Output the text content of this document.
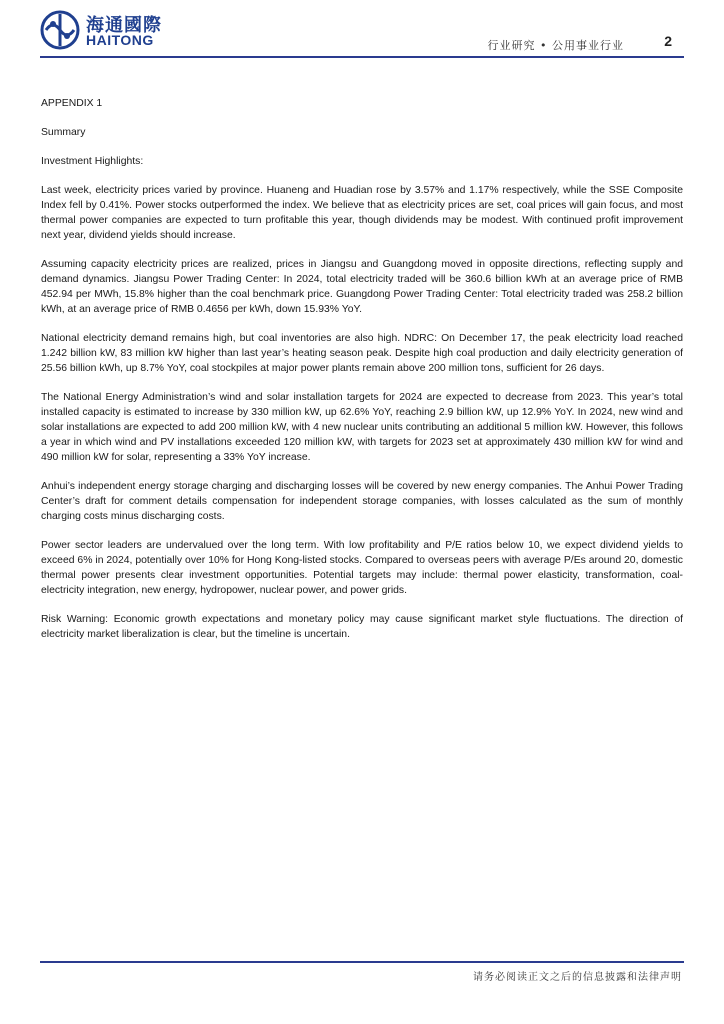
海通國際
HAITONG	行业研究 • 公用事业行业	2

APPENDIX 1

Summary

Investment Highlights:

Last week, electricity prices varied by province. Huaneng and Huadian rose by 3.57% and 1.17% respectively, while the SSE Composite Index fell by 0.41%. Power stocks outperformed the index. We believe that as electricity prices are set, coal prices will gain focus, and most thermal power companies are expected to turn profitable this year, though dividends may be modest. With continued profit improvement next year, dividend yields should increase.

Assuming capacity electricity prices are realized, prices in Jiangsu and Guangdong moved in opposite directions, reflecting supply and demand dynamics. Jiangsu Power Trading Center: In 2024, total electricity traded will be 360.6 billion kWh at an average price of RMB 452.94 per MWh, 15.8% higher than the coal benchmark price. Guangdong Power Trading Center: Total electricity traded was 258.2 billion kWh, at an average price of RMB 0.4656 per kWh, down 15.93% YoY.

National electricity demand remains high, but coal inventories are also high. NDRC: On December 17, the peak electricity load reached 1.242 billion kW, 83 million kW higher than last year’s heating season peak. Despite high coal production and daily electricity generation of 25.56 billion kWh, up 8.7% YoY, coal stockpiles at major power plants remain above 200 million tons, sufficient for 26 days.

The National Energy Administration’s wind and solar installation targets for 2024 are expected to decrease from 2023. This year’s total installed capacity is estimated to increase by 330 million kW, up 62.6% YoY, reaching 2.9 billion kW, up 12.9% YoY. In 2024, new wind and solar installations are expected to add 200 million kW, with 4 new nuclear units contributing an additional 5 million kW. However, this follows a year in which wind and PV installations exceeded 120 million kW, with targets for 2023 set at approximately 430 million kW for wind and 490 million kW for solar, representing a 33% YoY increase.

Anhui’s independent energy storage charging and discharging losses will be covered by new energy companies. The Anhui Power Trading Center’s draft for comment details compensation for independent storage companies, with losses calculated as the sum of monthly charging costs minus discharging costs.

Power sector leaders are undervalued over the long term. With low profitability and P/E ratios below 10, we expect dividend yields to exceed 6% in 2024, potentially over 10% for Hong Kong-listed stocks. Compared to overseas peers with average P/Es around 20, domestic thermal power presents clear investment opportunities. Potential targets may include: thermal power elasticity, transformation, coal-electricity integration, new energy, hydropower, nuclear power, and power grids.

Risk Warning: Economic growth expectations and monetary policy may cause significant market style fluctuations. The direction of electricity market liberalization is clear, but the timeline is uncertain.

请务必阅读正文之后的信息披露和法律声明
